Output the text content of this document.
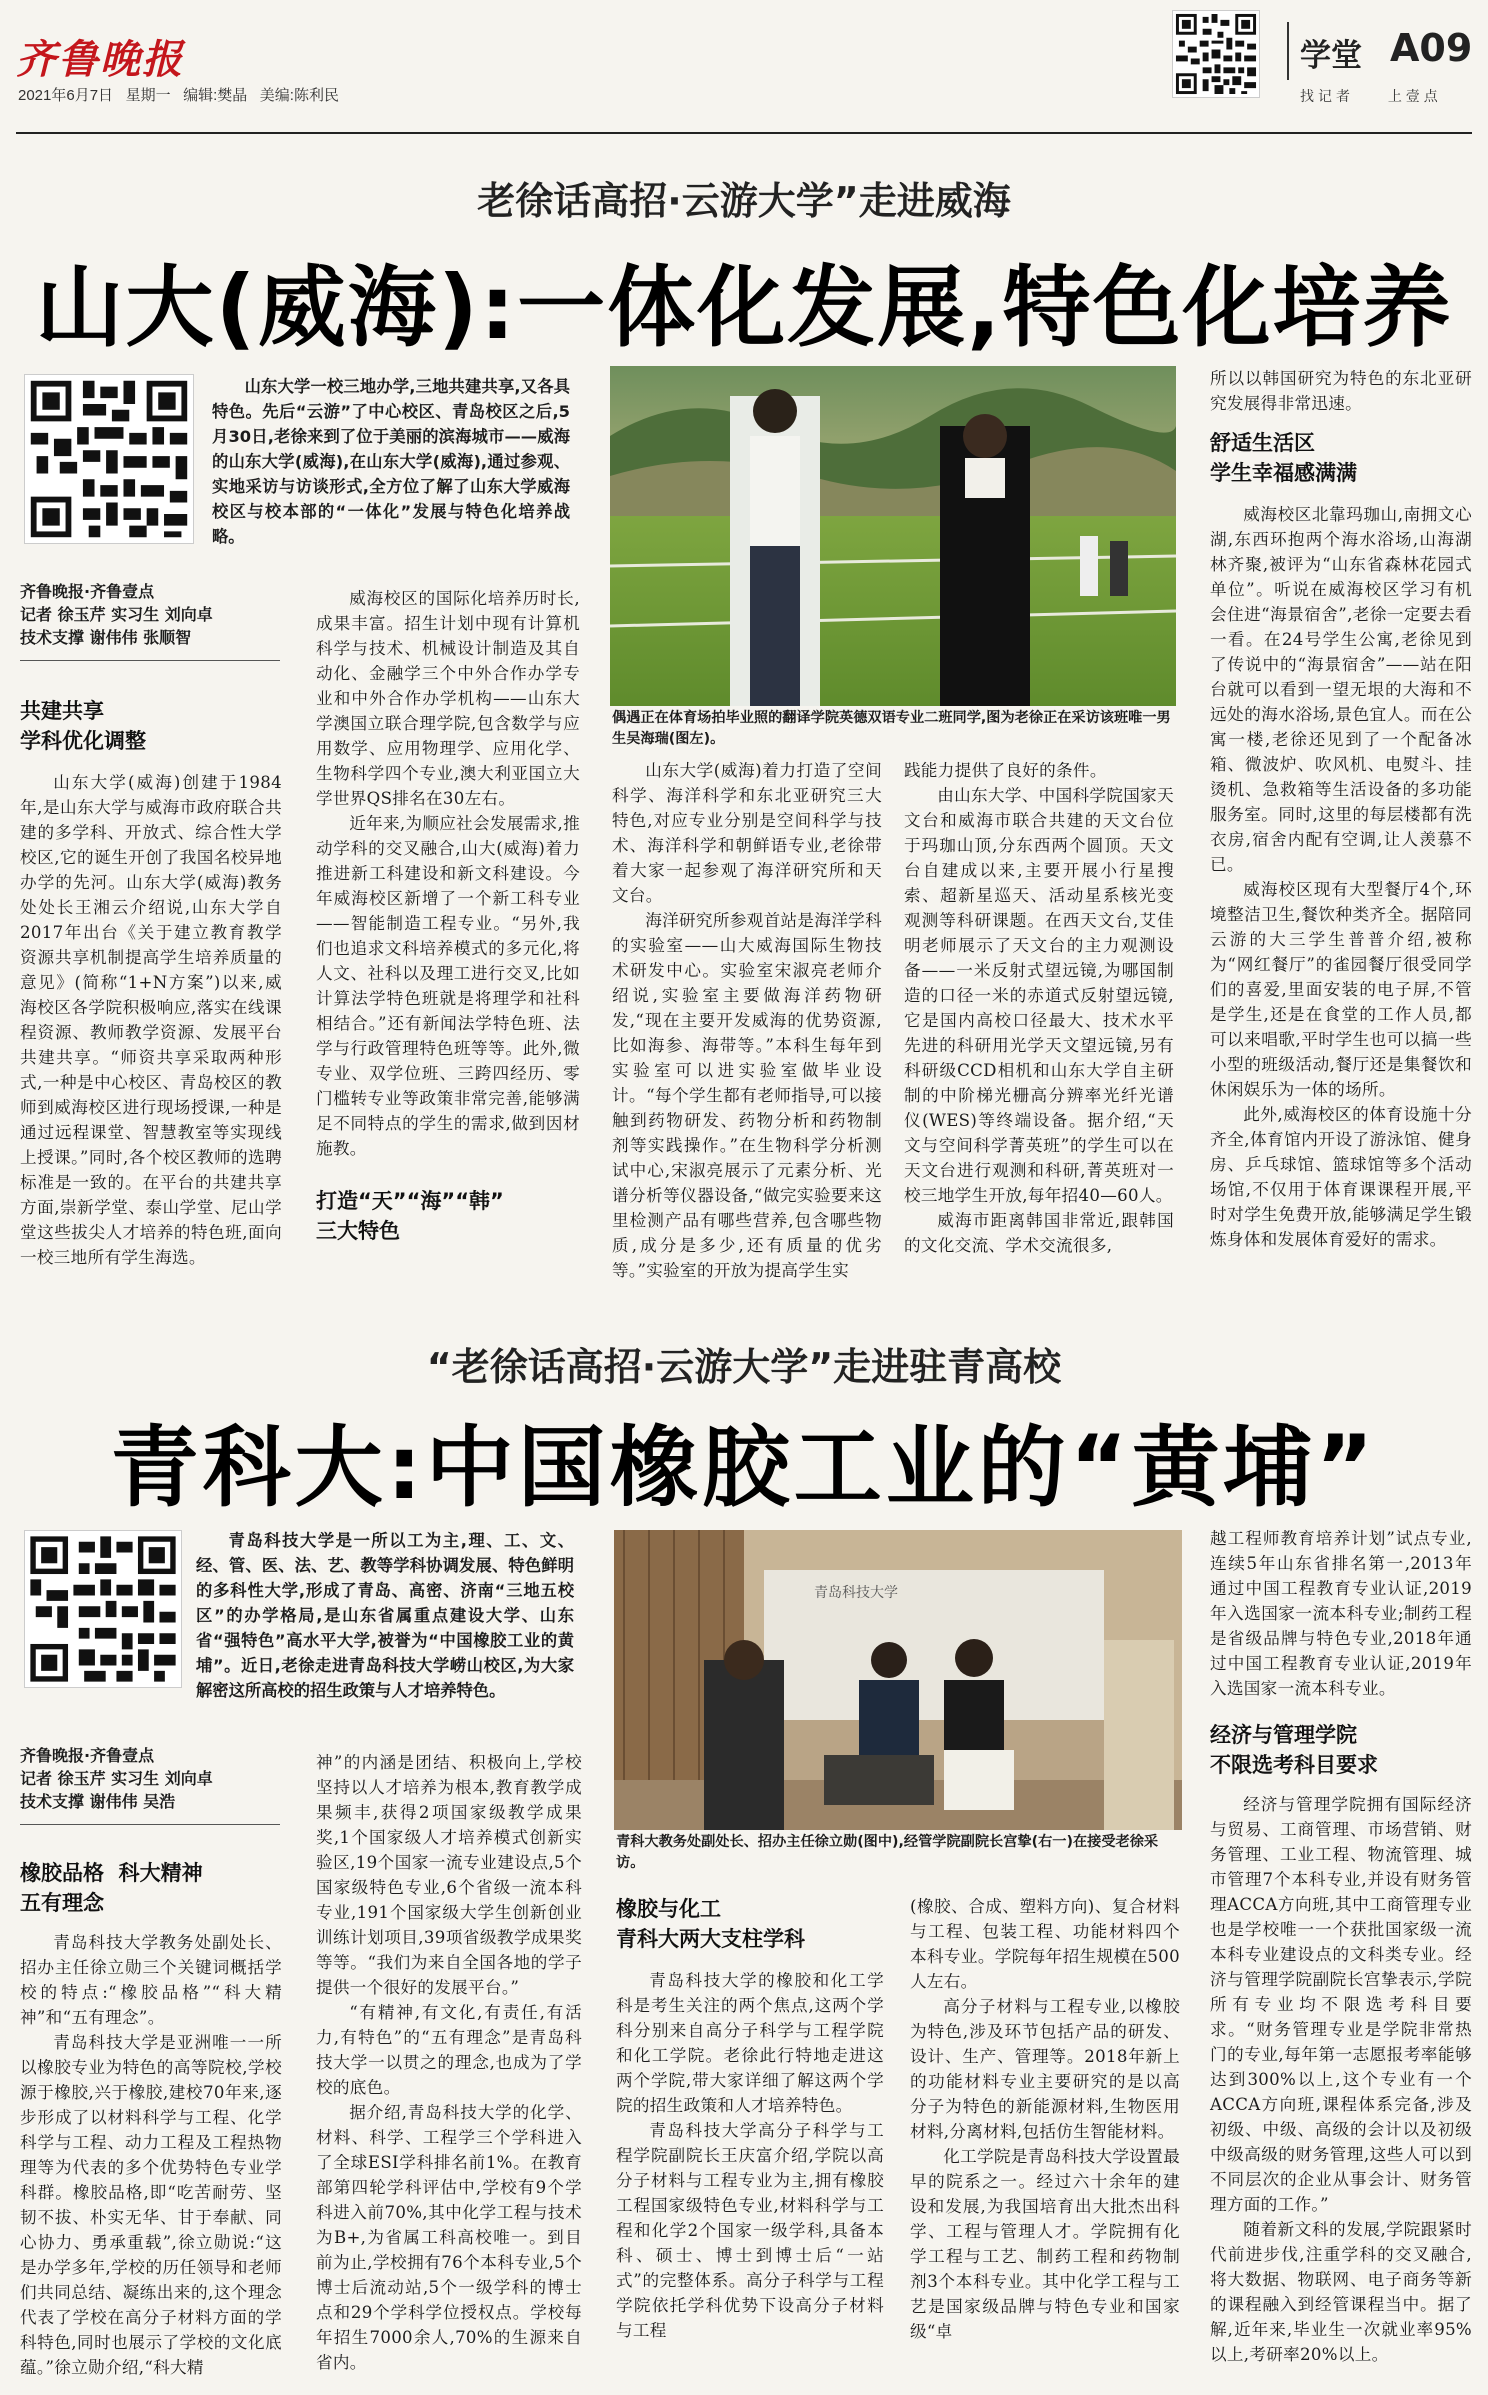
齐鲁晚报
2021年6月7日 星期一 编辑:樊晶 美编:陈利民
学堂 A09
找记者 上壹点
老徐话高招·云游大学”走进威海
山大(威海):一体化发展,特色化培养

山东大学一校三地办学,三地共建共享,又各具特色。先后“云游”了中心校区、青岛校区之后,5月30日,老徐来到了位于美丽的滨海城市——威海的山东大学(威海),在山东大学(威海),通过参观、实地采访与访谈形式,全方位了解了山东大学威海校区与校本部的“一体化”发展与特色化培养战略。

齐鲁晚报·齐鲁壹点
记者 徐玉芹 实习生 刘向卓
技术支撑 谢伟伟 张顺智
共建共享
学科优化调整

山东大学(威海)创建于1984年,是山东大学与威海市政府联合共建的多学科、开放式、综合性大学校区,它的诞生开创了我国名校异地办学的先河。山东大学(威海)教务处处长王湘云介绍说,山东大学自2017年出台《关于建立教育教学资源共享机制提高学生培养质量的意见》(简称“1+N方案”)以来,威海校区各学院积极响应,落实在线课程资源、教师教学资源、发展平台共建共享。“师资共享采取两种形式,一种是中心校区、青岛校区的教师到威海校区进行现场授课,一种是通过远程课堂、智慧教室等实现线上授课。”同时,各个校区教师的选聘标准是一致的。在平台的共建共享方面,崇新学堂、泰山学堂、尼山学堂这些拔尖人才培养的特色班,面向一校三地所有学生海选。

威海校区的国际化培养历时长,成果丰富。招生计划中现有计算机科学与技术、机械设计制造及其自动化、金融学三个中外合作办学专业和中外合作办学机构——山东大学澳国立联合理学院,包含数学与应用数学、应用物理学、应用化学、生物科学四个专业,澳大利亚国立大学世界QS排名在30左右。

近年来,为顺应社会发展需求,推动学科的交叉融合,山大(威海)着力推进新工科建设和新文科建设。今年威海校区新增了一个新工科专业——智能制造工程专业。“另外,我们也追求文科培养模式的多元化,将人文、社科以及理工进行交叉,比如计算法学特色班就是将理学和社科相结合。”还有新闻法学特色班、法学与行政管理特色班等等。此外,微专业、双学位班、三跨四经历、零门槛转专业等政策非常完善,能够满足不同特点的学生的需求,做到因材施教。

打造“天”“海”“韩”
三大特色
偶遇正在体育场拍毕业照的翻译学院英德双语专业二班同学,图为老徐正在采访该班唯一男生吴海瑞(图左)。

山东大学(威海)着力打造了空间科学、海洋科学和东北亚研究三大特色,对应专业分别是空间科学与技术、海洋科学和朝鲜语专业,老徐带着大家一起参观了海洋研究所和天文台。

海洋研究所参观首站是海洋学科的实验室——山大威海国际生物技术研发中心。实验室宋淑亮老师介绍说,实验室主要做海洋药物研发,“现在主要开发威海的优势资源,比如海参、海带等。”本科生每年到实验室可以进实验室做毕业设计。“每个学生都有老师指导,可以接触到药物研发、药物分析和药物制剂等实践操作。”在生物科学分析测试中心,宋淑亮展示了元素分析、光谱分析等仪器设备,“做完实验要来这里检测产品有哪些营养,包含哪些物质,成分是多少,还有质量的优劣等。”实验室的开放为提高学生实

践能力提供了良好的条件。

由山东大学、中国科学院国家天文台和威海市联合共建的天文台位于玛珈山顶,分东西两个圆顶。天文台自建成以来,主要开展小行星搜索、超新星巡天、活动星系核光变观测等科研课题。在西天文台,艾佳明老师展示了天文台的主力观测设备——一米反射式望远镜,为哪国制造的口径一米的赤道式反射望远镜,它是国内高校口径最大、技术水平先进的科研用光学天文望远镜,另有科研级CCD相机和山东大学自主研制的中阶梯光栅高分辨率光纤光谱仪(WES)等终端设备。据介绍,“天文与空间科学菁英班”的学生可以在天文台进行观测和科研,菁英班对一校三地学生开放,每年招40—60人。

威海市距离韩国非常近,跟韩国的文化交流、学术交流很多,

所以以韩国研究为特色的东北亚研究发展得非常迅速。

舒适生活区
学生幸福感满满

威海校区北靠玛珈山,南拥文心湖,东西环抱两个海水浴场,山海湖林齐聚,被评为“山东省森林花园式单位”。听说在威海校区学习有机会住进“海景宿舍”,老徐一定要去看一看。在24号学生公寓,老徐见到了传说中的“海景宿舍”——站在阳台就可以看到一望无垠的大海和不远处的海水浴场,景色宜人。而在公寓一楼,老徐还见到了一个配备冰箱、微波炉、吹风机、电熨斗、挂烫机、急救箱等生活设备的多功能服务室。同时,这里的每层楼都有洗衣房,宿舍内配有空调,让人羡慕不已。

威海校区现有大型餐厅4个,环境整洁卫生,餐饮种类齐全。据陪同云游的大三学生普普介绍,被称为“网红餐厅”的雀园餐厅很受同学们的喜爱,里面安装的电子屏,不管是学生,还是在食堂的工作人员,都可以来唱歌,平时学生也可以搞一些小型的班级活动,餐厅还是集餐饮和休闲娱乐为一体的场所。

此外,威海校区的体育设施十分齐全,体育馆内开设了游泳馆、健身房、乒乓球馆、篮球馆等多个活动场馆,不仅用于体育课课程开展,平时对学生免费开放,能够满足学生锻炼身体和发展体育爱好的需求。

“老徐话高招·云游大学”走进驻青高校
青科大:中国橡胶工业的“黄埔”

青岛科技大学是一所以工为主,理、工、文、经、管、医、法、艺、教等学科协调发展、特色鲜明的多科性大学,形成了青岛、高密、济南“三地五校区”的办学格局,是山东省属重点建设大学、山东省“强特色”高水平大学,被誉为“中国橡胶工业的黄埔”。近日,老徐走进青岛科技大学崂山校区,为大家解密这所高校的招生政策与人才培养特色。

齐鲁晚报·齐鲁壹点
记者 徐玉芹 实习生 刘向卓
技术支撑 谢伟伟 吴浩
橡胶品格  科大精神
五有理念

青岛科技大学教务处副处长、招办主任徐立勋三个关键词概括学校的特点:“橡胶品格”“科大精神”和“五有理念”。

青岛科技大学是亚洲唯一一所以橡胶专业为特色的高等院校,学校源于橡胶,兴于橡胶,建校70年来,逐步形成了以材料科学与工程、化学科学与工程、动力工程及工程热物理等为代表的多个优势特色专业学科群。橡胶品格,即“吃苦耐劳、坚韧不拔、朴实无华、甘于奉献、同心协力、勇承重载”,徐立勋说:“这是办学多年,学校的历任领导和老师们共同总结、凝练出来的,这个理念代表了学校在高分子材料方面的学科特色,同时也展示了学校的文化底蕴。”徐立勋介绍,“科大精

神”的内涵是团结、积极向上,学校坚持以人才培养为根本,教育教学成果频丰,获得2项国家级教学成果奖,1个国家级人才培养模式创新实验区,19个国家一流专业建设点,5个国家级特色专业,6个省级一流本科专业,191个国家级大学生创新创业训练计划项目,39项省级教学成果奖等等。“我们为来自全国各地的学子提供一个很好的发展平台。”

“有精神,有文化,有责任,有活力,有特色”的“五有理念”是青岛科技大学一以贯之的理念,也成为了学校的底色。

据介绍,青岛科技大学的化学、材料、科学、工程学三个学科进入了全球ESI学科排名前1%。在教育部第四轮学科评估中,学校有9个学科进入前70%,其中化学工程与技术为B+,为省属工科高校唯一。到目前为止,学校拥有76个本科专业,5个博士后流动站,5个一级学科的博士点和29个学科学位授权点。学校每年招生7000余人,70%的生源来自省内。

青岛科技大学
青科大教务处副处长、招办主任徐立勋(图中),经管学院副院长宫挚(右一)在接受老徐采访。
橡胶与化工
青科大两大支柱学科

青岛科技大学的橡胶和化工学科是考生关注的两个焦点,这两个学科分别来自高分子科学与工程学院和化工学院。老徐此行特地走进这两个学院,带大家详细了解这两个学院的招生政策和人才培养特色。

青岛科技大学高分子科学与工程学院副院长王庆富介绍,学院以高分子材料与工程专业为主,拥有橡胶工程国家级特色专业,材料科学与工程和化学2个国家一级学科,具备本科、硕士、博士到博士后“一站式”的完整体系。高分子科学与工程学院依托学科优势下设高分子材料与工程

(橡胶、合成、塑料方向)、复合材料与工程、包装工程、功能材料四个本科专业。学院每年招生规模在500人左右。

高分子材料与工程专业,以橡胶为特色,涉及环节包括产品的研发、设计、生产、管理等。2018年新上的功能材料专业主要研究的是以高分子为特色的新能源材料,生物医用材料,分离材料,包括仿生智能材料。

化工学院是青岛科技大学设置最早的院系之一。经过六十余年的建设和发展,为我国培育出大批杰出科学、工程与管理人才。学院拥有化学工程与工艺、制药工程和药物制剂3个本科专业。其中化学工程与工艺是国家级品牌与特色专业和国家级“卓

越工程师教育培养计划”试点专业,连续5年山东省排名第一,2013年通过中国工程教育专业认证,2019年入选国家一流本科专业;制药工程是省级品牌与特色专业,2018年通过中国工程教育专业认证,2019年入选国家一流本科专业。

经济与管理学院
不限选考科目要求

经济与管理学院拥有国际经济与贸易、工商管理、市场营销、财务管理、工业工程、物流管理、城市管理7个本科专业,并设有财务管理ACCA方向班,其中工商管理专业也是学校唯一一个获批国家级一流本科专业建设点的文科类专业。经济与管理学院副院长宫挚表示,学院所有专业均不限选考科目要求。“财务管理专业是学院非常热门的专业,每年第一志愿报考率能够达到300%以上,这个专业有一个ACCA方向班,课程体系完备,涉及初级、中级、高级的会计以及初级中级高级的财务管理,这些人可以到不同层次的企业从事会计、财务管理方面的工作。”

随着新文科的发展,学院跟紧时代前进步伐,注重学科的交叉融合,将大数据、物联网、电子商务等新的课程融入到经管课程当中。据了解,近年来,毕业生一次就业率95%以上,考研率20%以上。
